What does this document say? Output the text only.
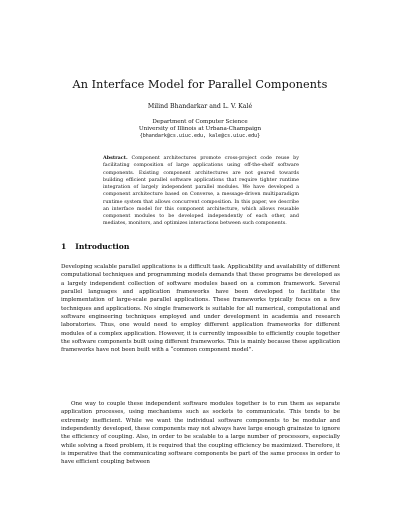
An Interface Model for Parallel Components

Milind Bhandarkar and L. V. Kalé

Department of Computer Science
University of Illinois at Urbana-Champaign
{bhandark@cs.uiuc.edu, kale@cs.uiuc.edu}

Abstract. Component architectures promote cross-project code reuse by facilitating composition of large applications using off-the-shelf software components. Existing component architectures are not geared towards building efficient parallel software applications that require tighter runtime integration of largely independent parallel modules. We have developed a component architecture based on Converse, a message-driven multiparadigm runtime system that allows concurrent composition. In this paper, we describe an interface model for this component architecture, which allows reusable component modules to be developed independently of each other, and mediates, monitors, and optimizes interactions between such components.

1 Introduction

Developing scalable parallel applications is a difficult task. Applicability and availability of different computational techniques and programming models demands that these programs be developed as a largely independent collection of software modules based on a common framework. Several parallel languages and application frameworks have been developed to facilitate the implementation of large-scale parallel applications. These frameworks typically focus on a few techniques and applications. No single framework is suitable for all numerical, computational and software engineering techniques employed and under development in academia and research laboratories. Thus, one would need to employ different application frameworks for different modules of a complex application. However, it is currently impossible to efficiently couple together the software components built using different frameworks. This is mainly because these application frameworks have not been built with a “common component model”.

One way to couple these independent software modules together is to run them as separate application processes, using mechanisms such as sockets to communicate. This tends to be extremely inefficient. While we want the individual software components to be modular and independently developed, these components may not always have large enough grainsize to ignore the efficiency of coupling. Also, in order to be scalable to a large number of processors, especially while solving a fixed problem, it is required that the coupling efficiency be maximized. Therefore, it is imperative that the communicating software components be part of the same process in order to have efficient coupling between
